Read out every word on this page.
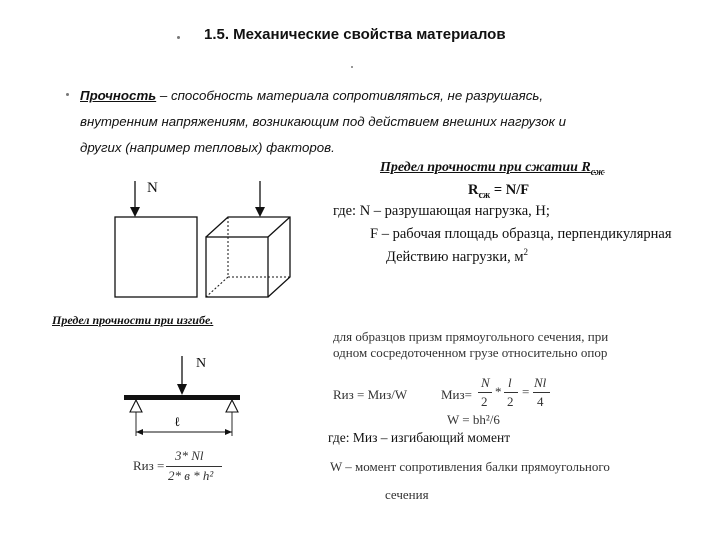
1.5. Механические свойства материалов
Прочность – способность материала сопротивляться, не разрушаясь,
внутренним напряжениям, возникающим под действием внешних нагрузок и
других (например тепловых) факторов.
N
Предел прочности при сжатии $R_{сж}$
$R_{сж} = N/F$
где: N – разрушающая нагрузка, Н;
F – рабочая площадь образца, перпендикулярная
Действию нагрузки, $м^2$
Предел прочности при изгибе.
для образцов призм прямоугольного сечения, при
одном сосредоточенном грузе относительно опор
N
ℓ
Rиз = Миз/W	Миз=
N
2
*
l
2
=
Nl
4
W = bh²/6
где: Миз – изгибающий момент
W – момент сопротивления балки прямоугольного
сечения
Rиз =
3* Nl
2* в * h²
